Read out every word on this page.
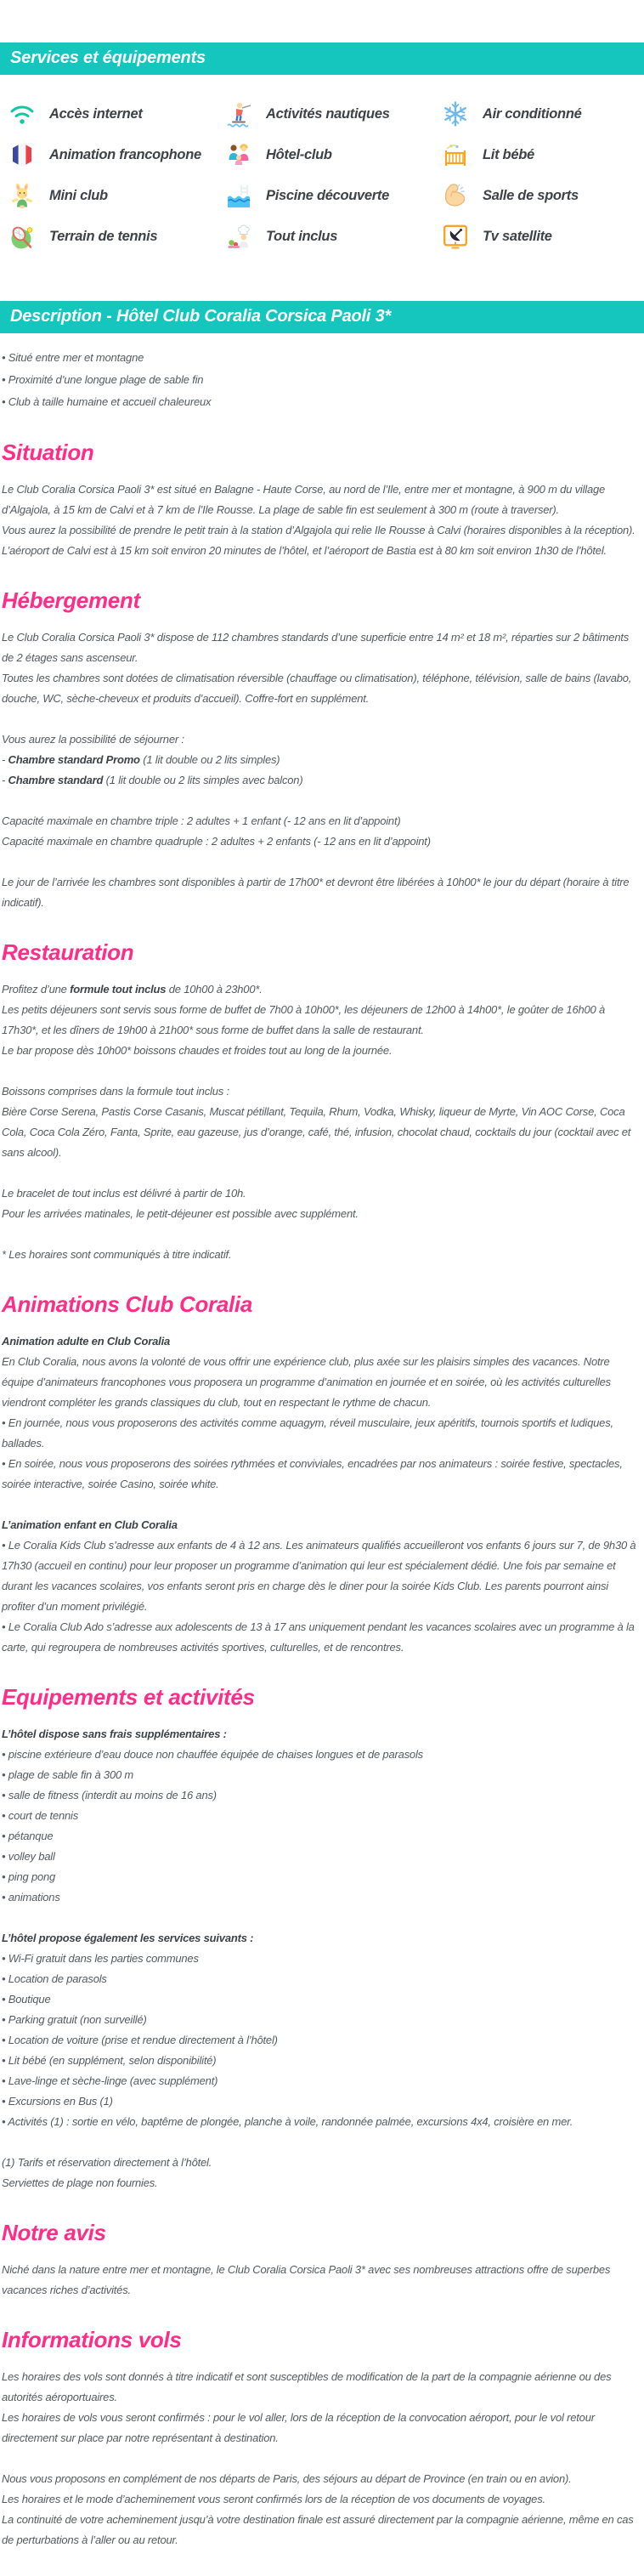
Services et équipements
Accès internet	Activités nautiques	Air conditionné
Animation francophone	Hôtel-club	Lit bébé
Mini club	Piscine découverte	Salle de sports
Terrain de tennis	Tout inclus	Tv satellite
Description - Hôtel Club Coralia Corsica Paoli 3*

• Situé entre mer et montagne

• Proximité d’une longue plage de sable fin

• Club à taille humaine et accueil chaleureux

Situation

Le Club Coralia Corsica Paoli 3* est situé en Balagne - Haute Corse, au nord de l’Ile, entre mer et montagne, à 900 m du village d’Algajola, à 15 km de Calvi et à 7 km de l’Ile Rousse. La plage de sable fin est seulement à 300 m (route à traverser).

Vous aurez la possibilité de prendre le petit train à la station d’Algajola qui relie Ile Rousse à Calvi (horaires disponibles à la réception).

L’aéroport de Calvi est à 15 km soit environ 20 minutes de l’hôtel, et l’aéroport de Bastia est à 80 km soit environ 1h30 de l’hôtel.

Hébergement

Le Club Coralia Corsica Paoli 3* dispose de 112 chambres standards d’une superficie entre 14 m² et 18 m², réparties sur 2 bâtiments de 2 étages sans ascenseur.

Toutes les chambres sont dotées de climatisation réversible (chauffage ou climatisation), téléphone, télévision, salle de bains (lavabo, douche, WC, sèche-cheveux et produits d’accueil). Coffre-fort en supplément.

Vous aurez la possibilité de séjourner :

- Chambre standard Promo (1 lit double ou 2 lits simples)

- Chambre standard (1 lit double ou 2 lits simples avec balcon)

Capacité maximale en chambre triple : 2 adultes + 1 enfant (- 12 ans en lit d’appoint)

Capacité maximale en chambre quadruple : 2 adultes + 2 enfants (- 12 ans en lit d’appoint)

Le jour de l’arrivée les chambres sont disponibles à partir de 17h00* et devront être libérées à 10h00* le jour du départ (horaire à titre indicatif).

Restauration

Profitez d’une formule tout inclus de 10h00 à 23h00*.

Les petits déjeuners sont servis sous forme de buffet de 7h00 à 10h00*, les déjeuners de 12h00 à 14h00*, le goûter de 16h00 à 17h30*, et les dîners de 19h00 à 21h00* sous forme de buffet dans la salle de restaurant.

Le bar propose dès 10h00* boissons chaudes et froides tout au long de la journée.

Boissons comprises dans la formule tout inclus :

Bière Corse Serena, Pastis Corse Casanis, Muscat pétillant, Tequila, Rhum, Vodka, Whisky, liqueur de Myrte, Vin AOC Corse, Coca Cola, Coca Cola Zéro, Fanta, Sprite, eau gazeuse, jus d’orange, café, thé, infusion, chocolat chaud, cocktails du jour (cocktail avec et sans alcool).

Le bracelet de tout inclus est délivré à partir de 10h.

Pour les arrivées matinales, le petit-déjeuner est possible avec supplément.

* Les horaires sont communiqués à titre indicatif.

Animations Club Coralia

Animation adulte en Club Coralia

En Club Coralia, nous avons la volonté de vous offrir une expérience club, plus axée sur les plaisirs simples des vacances. Notre équipe d’animateurs francophones vous proposera un programme d’animation en journée et en soirée, où les activités culturelles viendront compléter les grands classiques du club, tout en respectant le rythme de chacun.

• En journée, nous vous proposerons des activités comme aquagym, réveil musculaire, jeux apéritifs, tournois sportifs et ludiques, ballades.

• En soirée, nous vous proposerons des soirées rythmées et conviviales, encadrées par nos animateurs : soirée festive, spectacles, soirée interactive, soirée Casino, soirée white.

L’animation enfant en Club Coralia

• Le Coralia Kids Club s’adresse aux enfants de 4 à 12 ans. Les animateurs qualifiés accueilleront vos enfants 6 jours sur 7, de 9h30 à 17h30 (accueil en continu) pour leur proposer un programme d’animation qui leur est spécialement dédié. Une fois par semaine et durant les vacances scolaires, vos enfants seront pris en charge dès le diner pour la soirée Kids Club. Les parents pourront ainsi profiter d’un moment privilégié.

• Le Coralia Club Ado s’adresse aux adolescents de 13 à 17 ans uniquement pendant les vacances scolaires avec un programme à la carte, qui regroupera de nombreuses activités sportives, culturelles, et de rencontres.

Equipements et activités

L’hôtel dispose sans frais supplémentaires :

• piscine extérieure d’eau douce non chauffée équipée de chaises longues et de parasols

• plage de sable fin à 300 m

• salle de fitness (interdit au moins de 16 ans)

• court de tennis

• pétanque

• volley ball

• ping pong

• animations

L’hôtel propose également les services suivants :

• Wi-Fi gratuit dans les parties communes

• Location de parasols

• Boutique

• Parking gratuit (non surveillé)

• Location de voiture (prise et rendue directement à l’hôtel)

• Lit bébé (en supplément, selon disponibilité)

• Lave-linge et sèche-linge (avec supplément)

• Excursions en Bus (1)

• Activités (1) : sortie en vélo, baptême de plongée, planche à voile, randonnée palmée, excursions 4x4, croisière en mer.

(1) Tarifs et réservation directement à l’hôtel.

Serviettes de plage non fournies.

Notre avis

Niché dans la nature entre mer et montagne, le Club Coralia Corsica Paoli 3* avec ses nombreuses attractions offre de superbes vacances riches d’activités.

Informations vols

Les horaires des vols sont donnés à titre indicatif et sont susceptibles de modification de la part de la compagnie aérienne ou des autorités aéroportuaires.

Les horaires de vols vous seront confirmés : pour le vol aller, lors de la réception de la convocation aéroport, pour le vol retour directement sur place par notre représentant à destination.

Nous vous proposons en complément de nos départs de Paris, des séjours au départ de Province (en train ou en avion).

Les horaires et le mode d’acheminement vous seront confirmés lors de la réception de vos documents de voyages.

La continuité de votre acheminement jusqu’à votre destination finale est assuré directement par la compagnie aérienne, même en cas de perturbations à l’aller ou au retour.
